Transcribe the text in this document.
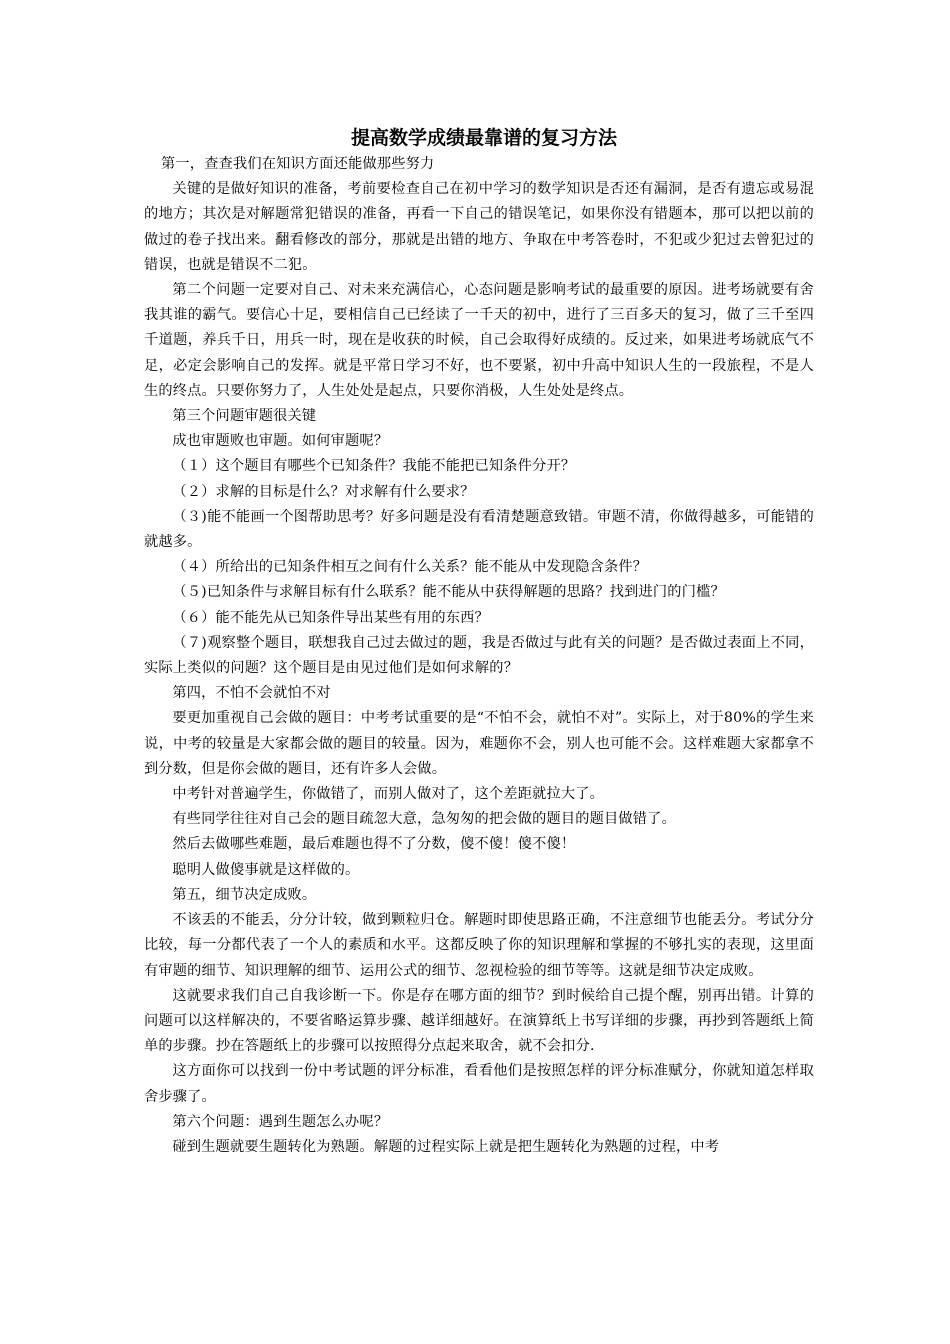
提高数学成绩最靠谱的复习方法

第一，查查我们在知识方面还能做那些努力

关键的是做好知识的准备，考前要检查自己在初中学习的数学知识是否还有漏洞，是否有遗忘或易混的地方；其次是对解题常犯错误的准备，再看一下自己的错误笔记，如果你没有错题本，那可以把以前的做过的卷子找出来。翻看修改的部分，那就是出错的地方、争取在中考答卷时，不犯或少犯过去曾犯过的错误，也就是错误不二犯。

第二个问题一定要对自己、对未来充满信心，心态问题是影响考试的最重要的原因。进考场就要有舍我其谁的霸气。要信心十足，要相信自己已经读了一千天的初中，进行了三百多天的复习，做了三千至四千道题，养兵千日，用兵一时，现在是收获的时候，自己会取得好成绩的。反过来，如果进考场就底气不足，必定会影响自己的发挥。就是平常日学习不好，也不要紧，初中升高中知识人生的一段旅程，不是人生的终点。只要你努力了，人生处处是起点，只要你消极，人生处处是终点。

第三个问题审题很关键

成也审题败也审题。如何审题呢？

（１）这个题目有哪些个已知条件？我能不能把已知条件分开？

（２）求解的目标是什么？对求解有什么要求？

（３)能不能画一个图帮助思考？好多问题是没有看清楚题意致错。审题不清，你做得越多，可能错的就越多。

（４）所给出的已知条件相互之间有什么关系？能不能从中发现隐含条件？

（５)已知条件与求解目标有什么联系？能不能从中获得解题的思路？找到进门的门槛？

（６）能不能先从已知条件导出某些有用的东西？

（７)观察整个题目，联想我自己过去做过的题，我是否做过与此有关的问题？是否做过表面上不同，实际上类似的问题？这个题目是由见过他们是如何求解的？

第四，不怕不会就怕不对

要更加重视自己会做的题目：中考考试重要的是“不怕不会，就怕不对”。实际上，对于80%的学生来说，中考的较量是大家都会做的题目的较量。因为，难题你不会，别人也可能不会。这样难题大家都拿不到分数，但是你会做的题目，还有许多人会做。

中考针对普遍学生，你做错了，而别人做对了，这个差距就拉大了。

有些同学往往对自己会的题目疏忽大意，急匆匆的把会做的题目的题目做错了。

然后去做哪些难题，最后难题也得不了分数，傻不傻！傻不傻！

聪明人做傻事就是这样做的。

第五，细节决定成败。

不该丢的不能丢，分分计较，做到颗粒归仓。解题时即使思路正确，不注意细节也能丢分。考试分分比较，每一分都代表了一个人的素质和水平。这都反映了你的知识理解和掌握的不够扎实的表现，这里面有审题的细节、知识理解的细节、运用公式的细节、忽视检验的细节等等。这就是细节决定成败。

这就要求我们自己自我诊断一下。你是存在哪方面的细节？到时候给自己提个醒，别再出错。计算的问题可以这样解决的，不要省略运算步骤、越详细越好。在演算纸上书写详细的步骤，再抄到答题纸上简单的步骤。抄在答题纸上的步骤可以按照得分点起来取舍，就不会扣分.

这方面你可以找到一份中考试题的评分标准，看看他们是按照怎样的评分标准赋分，你就知道怎样取舍步骤了。

第六个问题：遇到生题怎么办呢？

碰到生题就要生题转化为熟题。解题的过程实际上就是把生题转化为熟题的过程，中考
